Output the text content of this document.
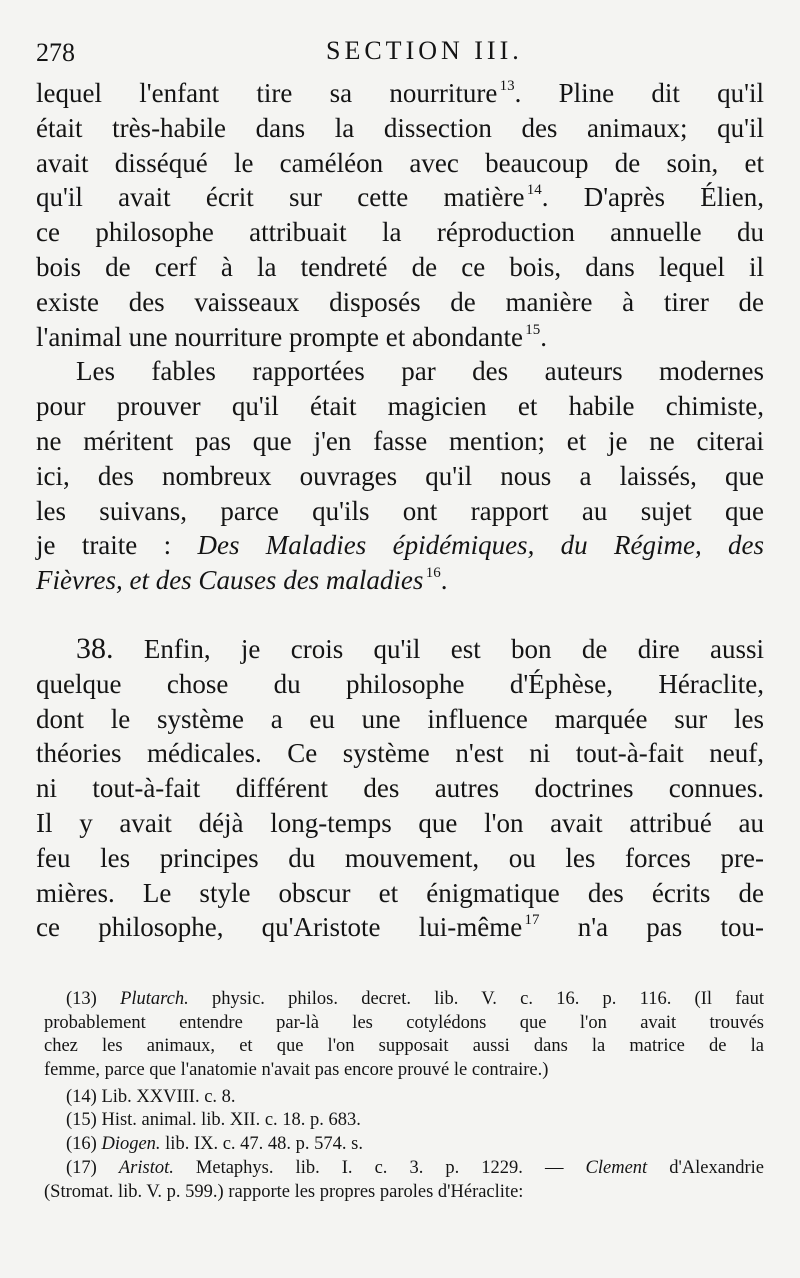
278	SECTION III.
lequel l'enfant tire sa nourriture  $^{13}$. Pline dit qu'il
était très-habile dans la dissection des animaux; qu'il
avait disséqué le caméléon avec beaucoup de soin, et
qu'il avait écrit sur cette matière  $^{14}$. D'après Élien,
ce philosophe attribuait la réproduction annuelle du
bois de cerf à la tendreté de ce bois, dans lequel il
existe des vaisseaux disposés de manière à tirer de
l'animal une nourriture prompte et abondante  $^{15}$.
Les fables rapportées par des auteurs modernes
pour prouver qu'il était magicien et habile chimiste,
ne méritent pas que j'en fasse mention; et je ne citerai
ici, des nombreux ouvrages qu'il nous a laissés, que
les suivans, parce qu'ils ont rapport au sujet que
je traite : Des Maladies épidémiques, du Régime, des
Fièvres, et des Causes des maladies  $^{16}$.
38. Enfin, je crois qu'il est bon de dire aussi
quelque chose du philosophe d'Éphèse, Héraclite,
dont le système a eu une influence marquée sur les
théories médicales. Ce système n'est ni tout-à-fait neuf,
ni tout-à-fait différent des autres doctrines connues.
Il y avait déjà long-temps que l'on avait attribué au
feu les principes du mouvement, ou les forces pre-
mières. Le style obscur et énigmatique des écrits de
ce philosophe, qu'Aristote lui-même  $^{17}$ n'a pas tou-
(13) Plutarch. physic. philos. decret. lib. V. c. 16. p. 116. (Il faut
probablement entendre par-là les cotylédons que l'on avait trouvés
chez les animaux, et que l'on supposait aussi dans la matrice de la
femme, parce que l'anatomie n'avait pas encore prouvé le contraire.)
(14) Lib. XXVIII. c. 8.
(15) Hist. animal. lib. XII. c. 18. p. 683.
(16) Diogen. lib. IX. c. 47. 48. p. 574. s.
(17) Aristot. Metaphys. lib. I. c. 3. p. 1229. — Clement d'Alexandrie
(Stromat. lib. V. p. 599.) rapporte les propres paroles d'Héraclite:
